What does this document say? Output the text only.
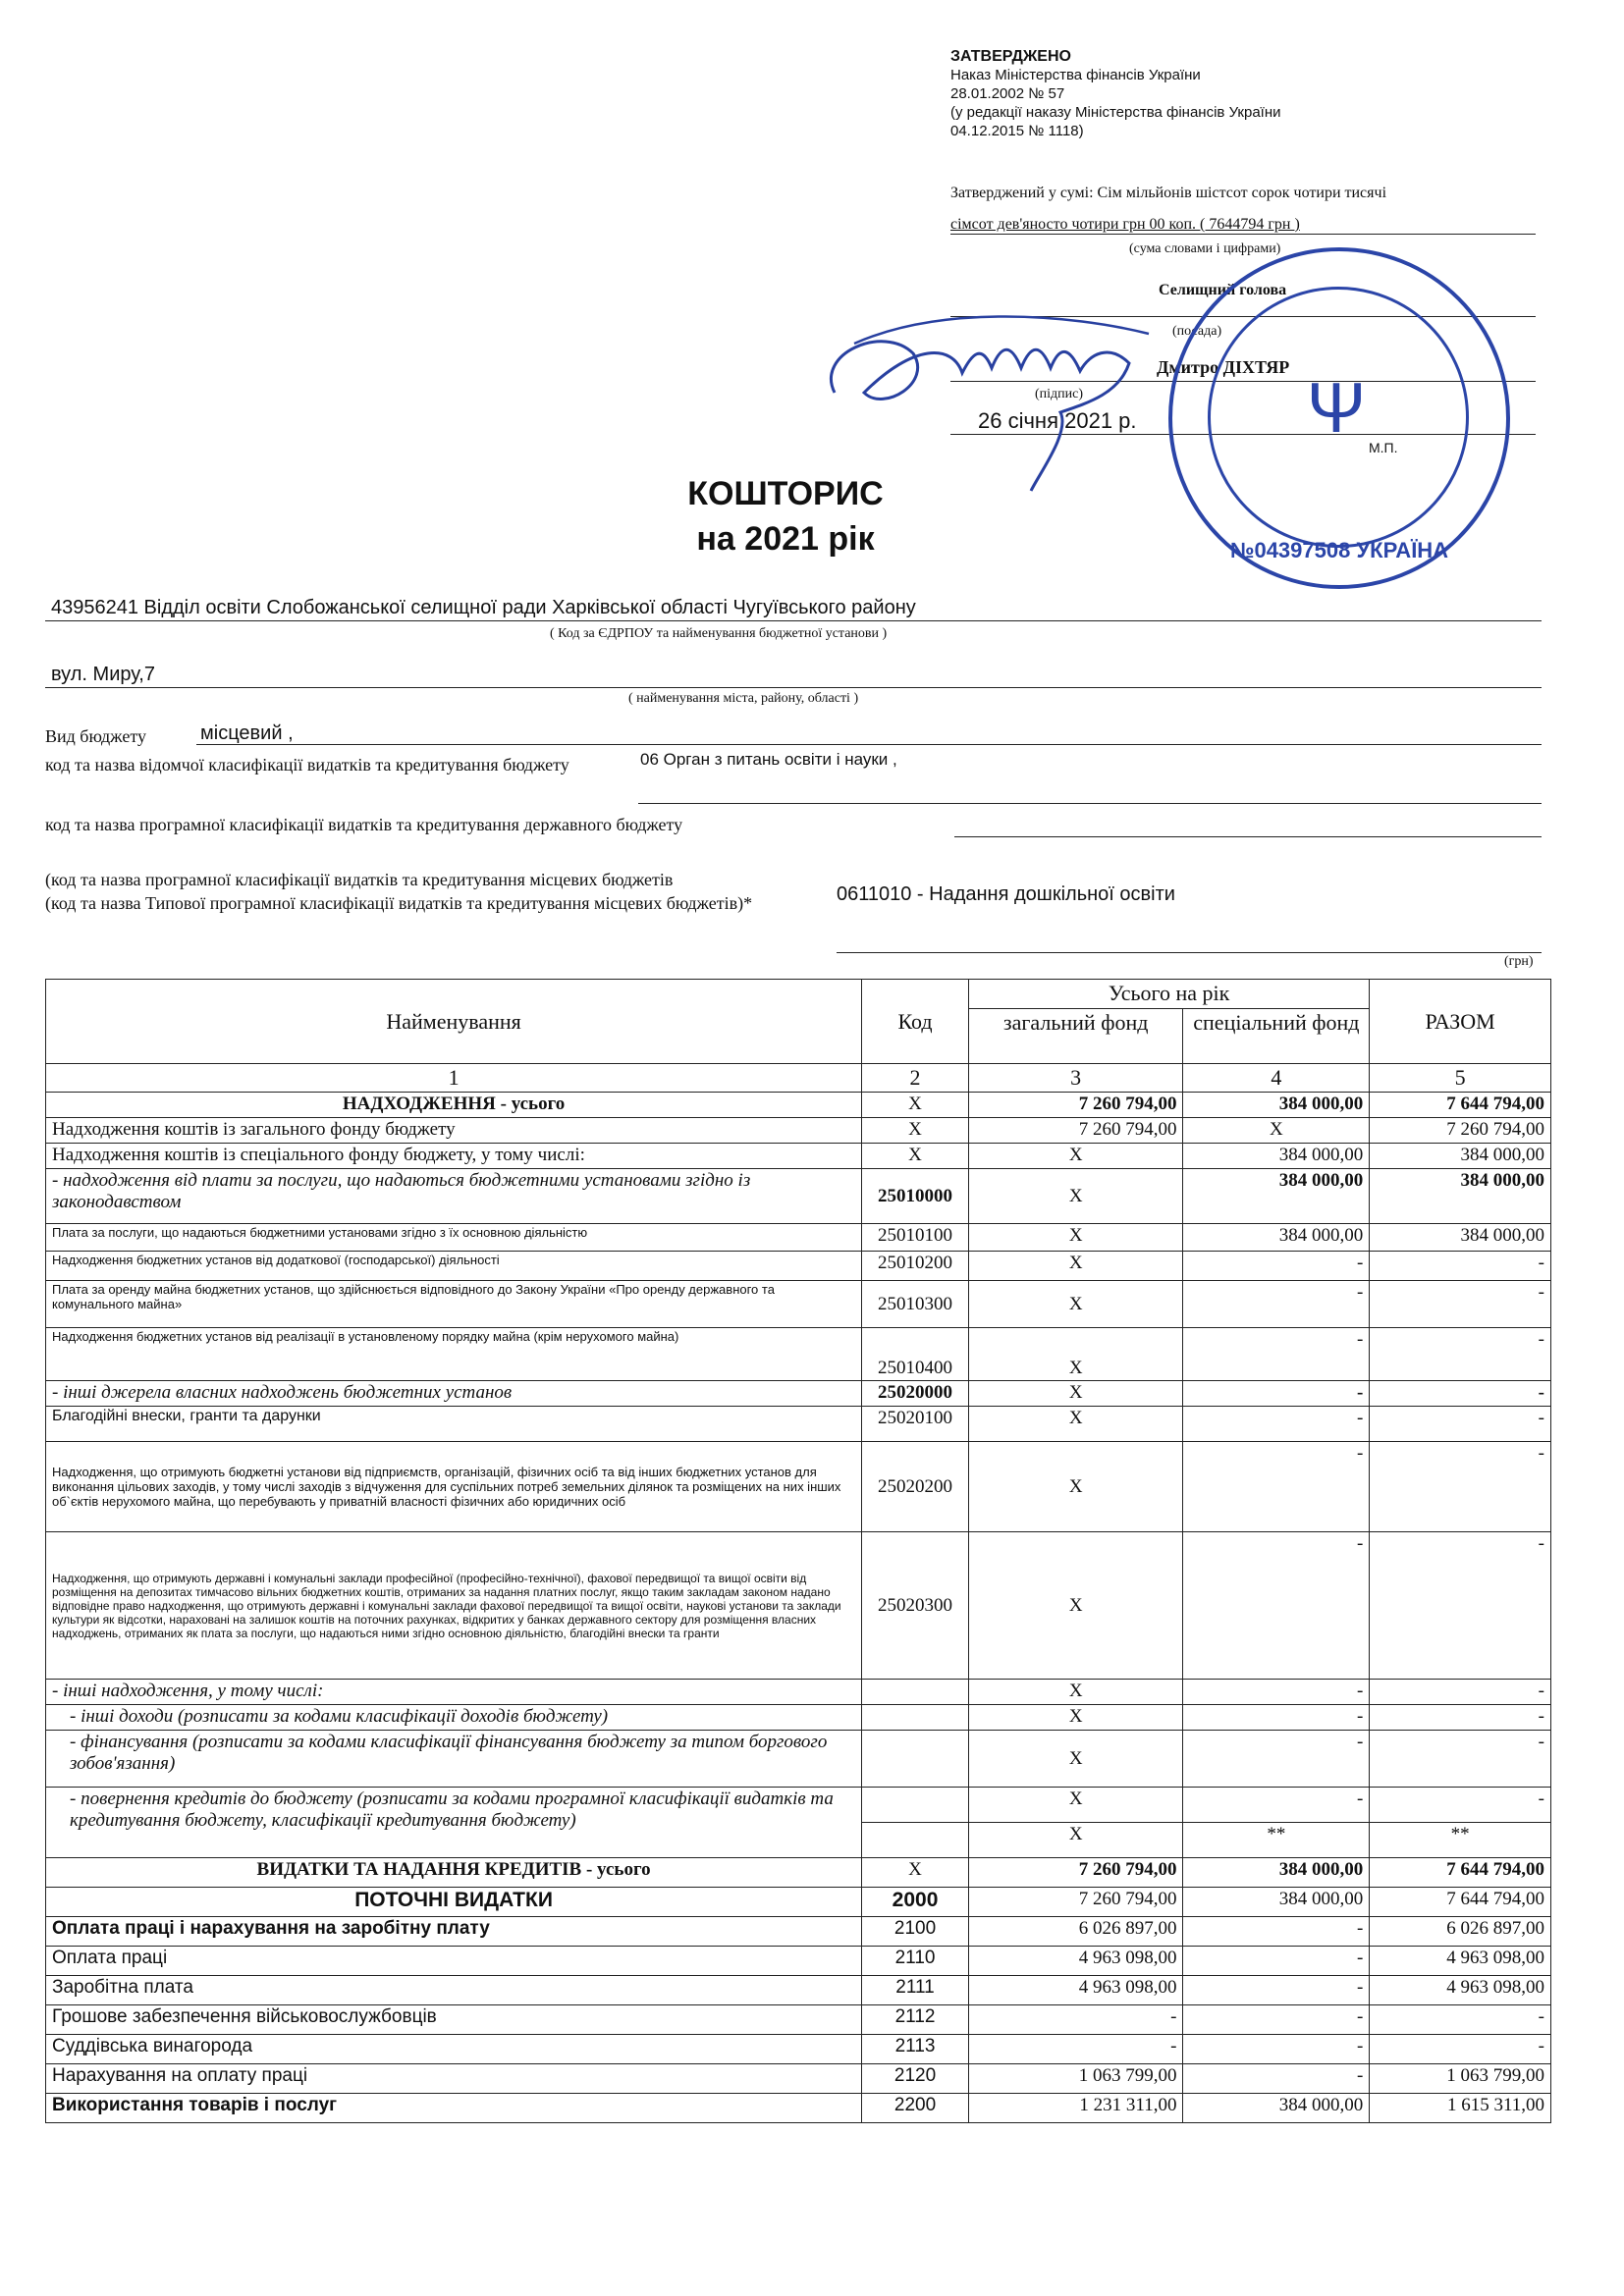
ЗАТВЕРДЖЕНО
Наказ Міністерства фінансів України
28.01.2002 № 57
(у редакції наказу Міністерства фінансів України
04.12.2015 № 1118)
Затверджений у сумі: Сім мільйонів шістсот сорок чотири тисячі
сімсот дев'яносто чотири грн 00 коп. ( 7644794 грн )
(сума словами і цифрами)
Селищний голова
(посада)
Дмитро ДІХТЯР
(підпис)
26 січня 2021 р.
М.П.
Ψ
№04397508 УКРАЇНА
КОШТОРИС
на 2021 рік
43956241 Відділ освіти Слобожанської селищної ради Харківської області Чугуївського району
( Код за ЄДРПОУ та найменування бюджетної установи )
вул. Миру,7
( найменування міста, району, області )
Вид бюджету	місцевий ,
код та назва відомчої класифікації видатків та кредитування бюджету	06 Орган з питань освіти і науки ,
код та назва програмної класифікації видатків та кредитування державного бюджету
(код та назва програмної класифікації видатків та кредитування місцевих бюджетів
(код та назва Типової програмної класифікації видатків та кредитування місцевих бюджетів)*	0611010 - Надання дошкільної освіти
(грн)
Найменування	Код	Усього на рік		РАЗОМ
		загальний фонд	спеціальний фонд	
1	2	3	4	5
НАДХОДЖЕННЯ - усього	Х	7 260 794,00	384 000,00	7 644 794,00
Надходження коштів із загального фонду бюджету	Х	7 260 794,00	Х	7 260 794,00
Надходження коштів із спеціального фонду бюджету, у тому числі:	Х	Х	384 000,00	384 000,00
- надходження від плати за послуги, що надаються бюджетними установами згідно із законодавством	25010000	Х	384 000,00	384 000,00
Плата за послуги, що надаються бюджетними установами згідно з їх основною діяльністю	25010100	Х	384 000,00	384 000,00
Надходження бюджетних установ від додаткової (господарської) діяльності	25010200	Х	-	-
Плата за оренду майна бюджетних установ, що здійснюється відповідного до Закону України «Про оренду державного та комунального майна»	25010300	Х	-	-
Надходження бюджетних установ від реалізації в установленому порядку майна (крім нерухомого майна)	25010400	Х	-	-
- інші джерела власних надходжень бюджетних установ	25020000	Х	-	-
Благодійні внески, гранти та дарунки	25020100	Х	-	-
Надходження, що отримують бюджетні установи від підприємств, організацій, фізичних осіб та від інших бюджетних установ для виконання цільових заходів, у тому числі заходів з відчуження для суспільних потреб земельних ділянок та розміщених на них інших об`єктів нерухомого майна, що перебувають у приватній власності фізичних або юридичних осіб	25020200	Х	-	-
Надходження, що отримують державні і комунальні заклади професійної (професійно-технічної), фахової передвищої та вищої освіти від розміщення на депозитах тимчасово вільних бюджетних коштів, отриманих за надання платних послуг, якщо таким закладам законом надано відповідне право надходження, що отримують державні і комунальні заклади фахової передвищої та вищої освіти, наукові установи та заклади культури як відсотки, нараховані на залишок коштів на поточних рахунках, відкритих у банках державного сектору для розміщення власних надходжень, отриманих як плата за послуги, що надаються ними згідно основною діяльністю, благодійні внески та гранти	25020300	Х	-	-
- інші надходження, у тому числі:		Х	-	-
- інші доходи (розписати за кодами класифікації доходів бюджету)		Х	-	-
- фінансування (розписати за кодами класифікації фінансування бюджету за типом боргового зобов'язання)		Х	-	-
- повернення кредитів до бюджету (розписати за кодами програмної класифікації видатків та кредитування бюджету, класифікації кредитування бюджету)		Х	-	-
		Х	**	**
ВИДАТКИ ТА НАДАННЯ КРЕДИТІВ - усього	Х	7 260 794,00	384 000,00	7 644 794,00
ПОТОЧНІ ВИДАТКИ	2000	7 260 794,00	384 000,00	7 644 794,00
Оплата праці і нарахування на заробітну плату	2100	6 026 897,00	-	6 026 897,00
Оплата праці	2110	4 963 098,00	-	4 963 098,00
Заробітна плата	2111	4 963 098,00	-	4 963 098,00
Грошове забезпечення військовослужбовців	2112	-	-	-
Суддівська винагорода	2113	-	-	-
Нарахування на оплату праці	2120	1 063 799,00	-	1 063 799,00
Використання товарів і послуг	2200	1 231 311,00	384 000,00	1 615 311,00
